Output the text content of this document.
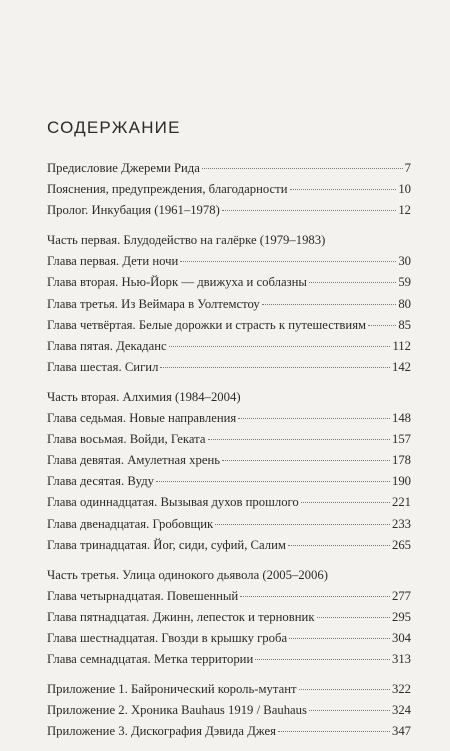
СОДЕРЖАНИЕ
Предисловие Джереми Рида	7
Пояснения, предупреждения, благодарности	10
Пролог. Инкубация (1961–1978)	12
Часть первая. Блудодейство на галёрке (1979–1983)
Глава первая. Дети ночи	30
Глава вторая. Нью-Йорк — движуха и соблазны	59
Глава третья. Из Веймара в Уолтемстоу	80
Глава четвёртая. Белые дорожки и страсть к путешествиям	85
Глава пятая. Декаданс	112
Глава шестая. Сигил	142
Часть вторая. Алхимия (1984–2004)
Глава седьмая. Новые направления	148
Глава восьмая. Войди, Геката	157
Глава девятая. Амулетная хрень	178
Глава десятая. Вуду	190
Глава одиннадцатая. Вызывая духов прошлого	221
Глава двенадцатая. Гробовщик	233
Глава тринадцатая. Йог, сиди, суфий, Салим	265
Часть третья. Улица одинокого дьявола (2005–2006)
Глава четырнадцатая. Повешенный	277
Глава пятнадцатая. Джинн, лепесток и терновник	295
Глава шестнадцатая. Гвозди в крышку гроба	304
Глава семнадцатая. Метка территории	313
Приложение 1. Байронический король-мутант	322
Приложение 2. Хроника Bauhaus 1919 / Bauhaus	324
Приложение 3. Дискография Дэвида Джея	347
